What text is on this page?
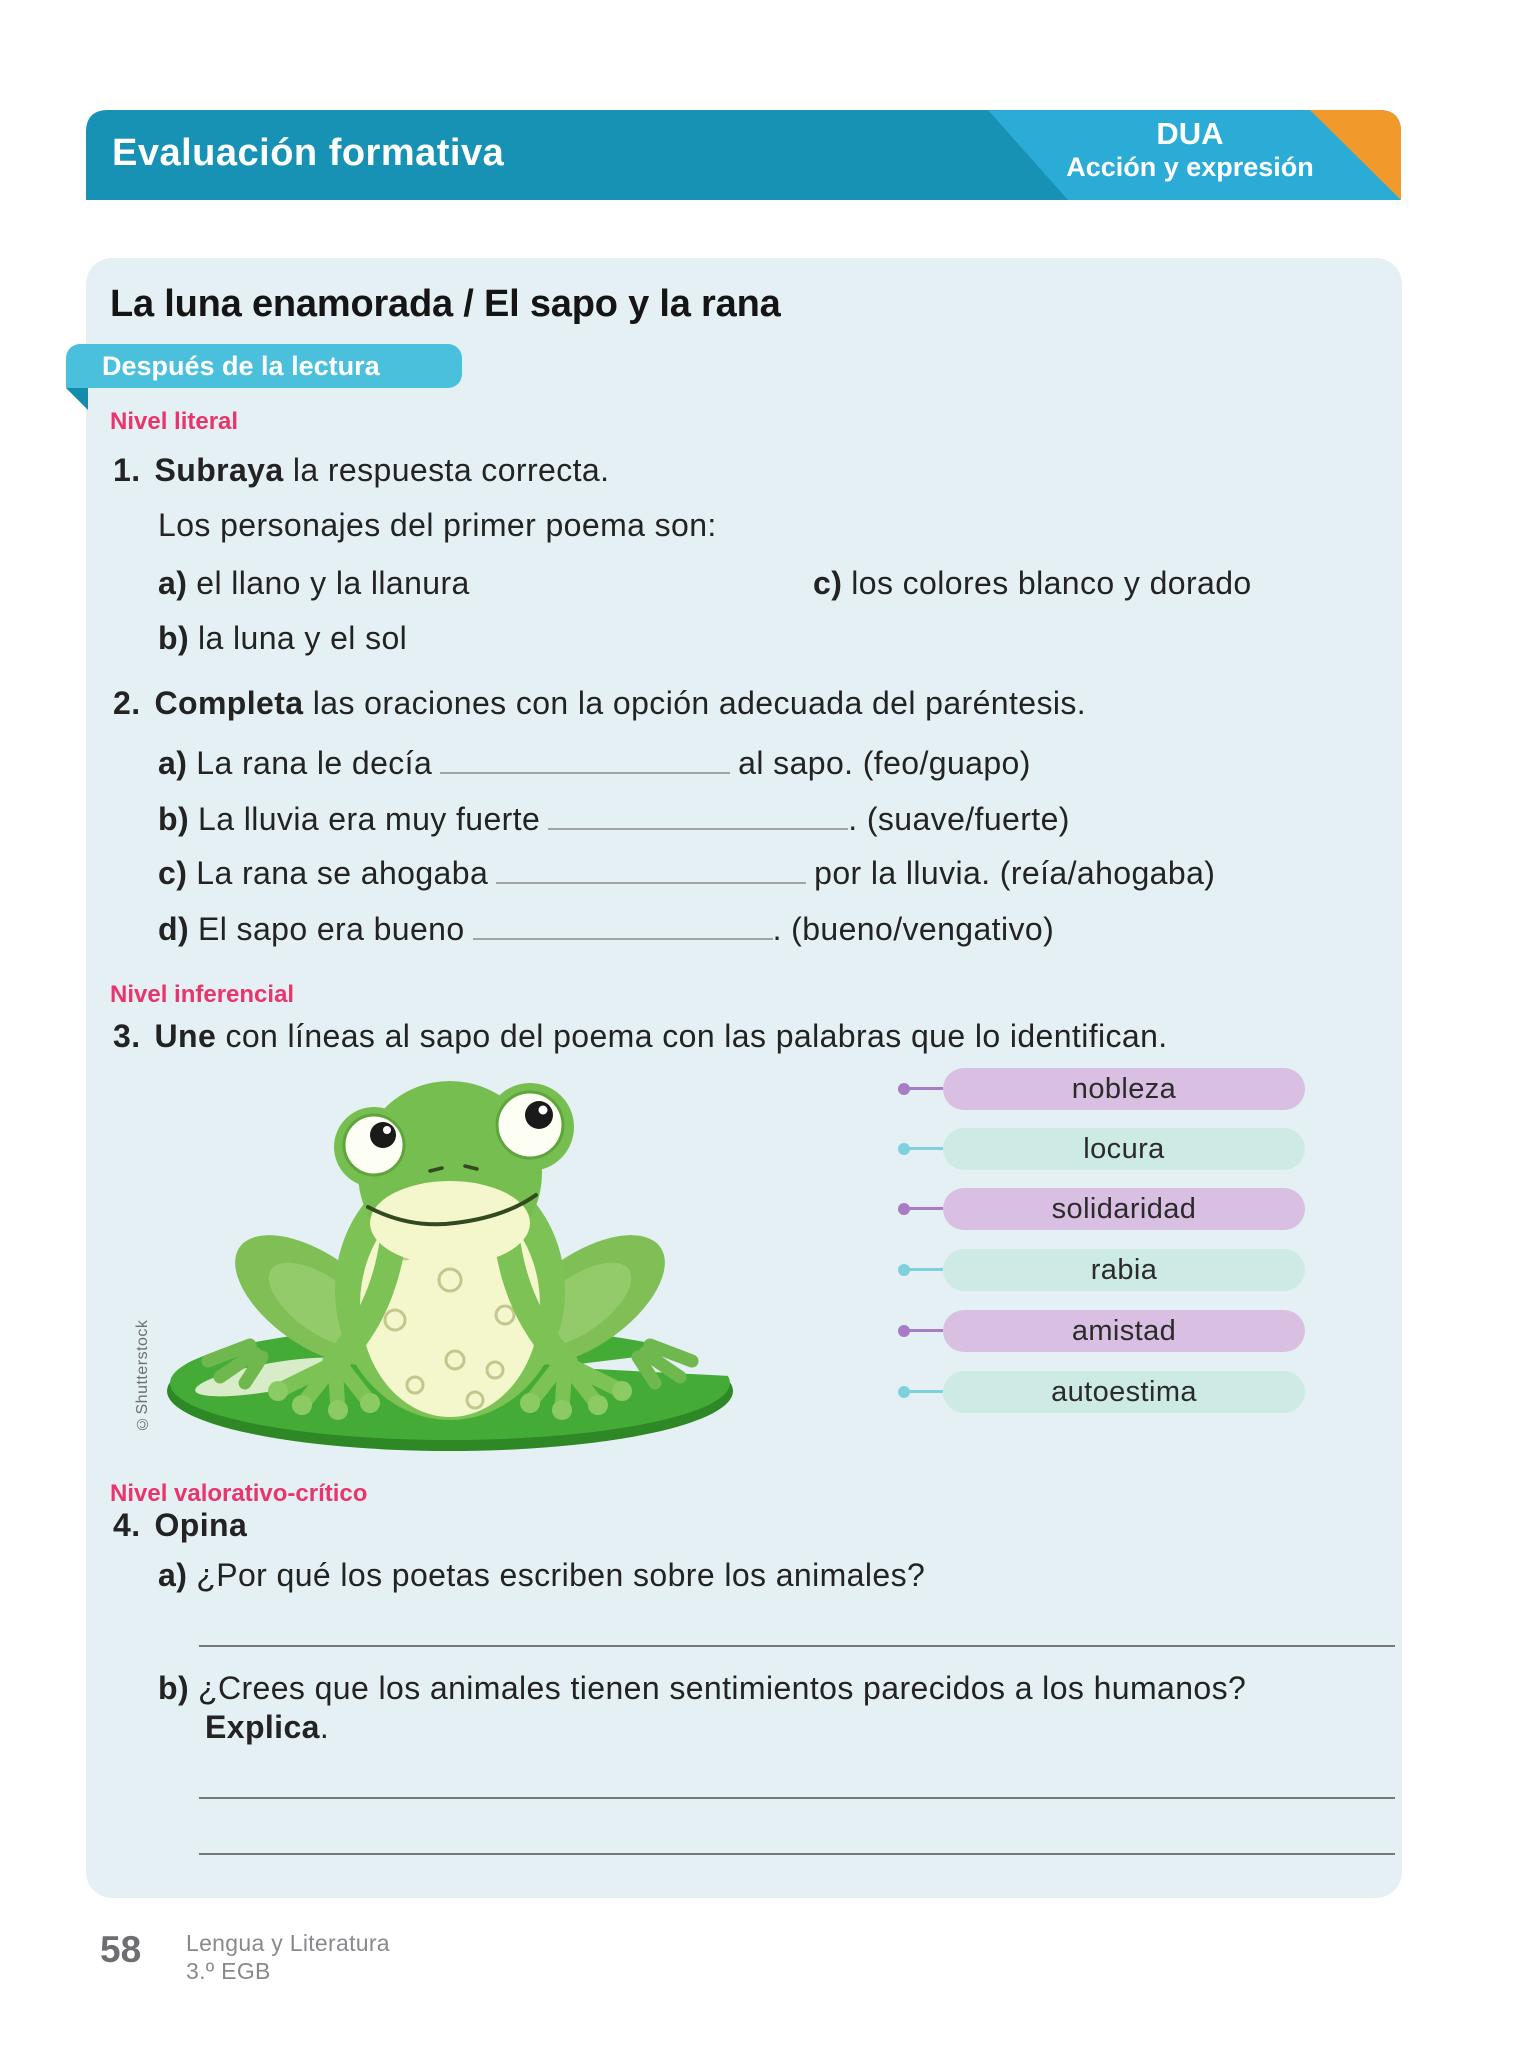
Evaluación formativa	DUA
Acción y expresión
La luna enamorada / El sapo y la rana
Después de la lectura
Nivel literal
1. Subraya la respuesta correcta.
Los personajes del primer poema son:
a) el llano y la llanura	c) los colores blanco y dorado
b) la luna y el sol
2. Completa las oraciones con la opción adecuada del paréntesis.
a) La rana le decía	al sapo. (feo/guapo)
b) La lluvia era muy fuerte	. (suave/fuerte)
c) La rana se ahogaba	por la lluvia. (reía/ahogaba)
d) El sapo era bueno	. (bueno/vengativo)
Nivel inferencial
3. Une con líneas al sapo del poema con las palabras que lo identifican.
©Shutterstock
nobleza
locura
solidaridad
rabia
amistad
autoestima
Nivel valorativo-crítico
4. Opina
a) ¿Por qué los poetas escriben sobre los animales?
b) ¿Crees que los animales tienen sentimientos parecidos a los humanos?
Explica.
58 Lengua y Literatura
3.º EGB
